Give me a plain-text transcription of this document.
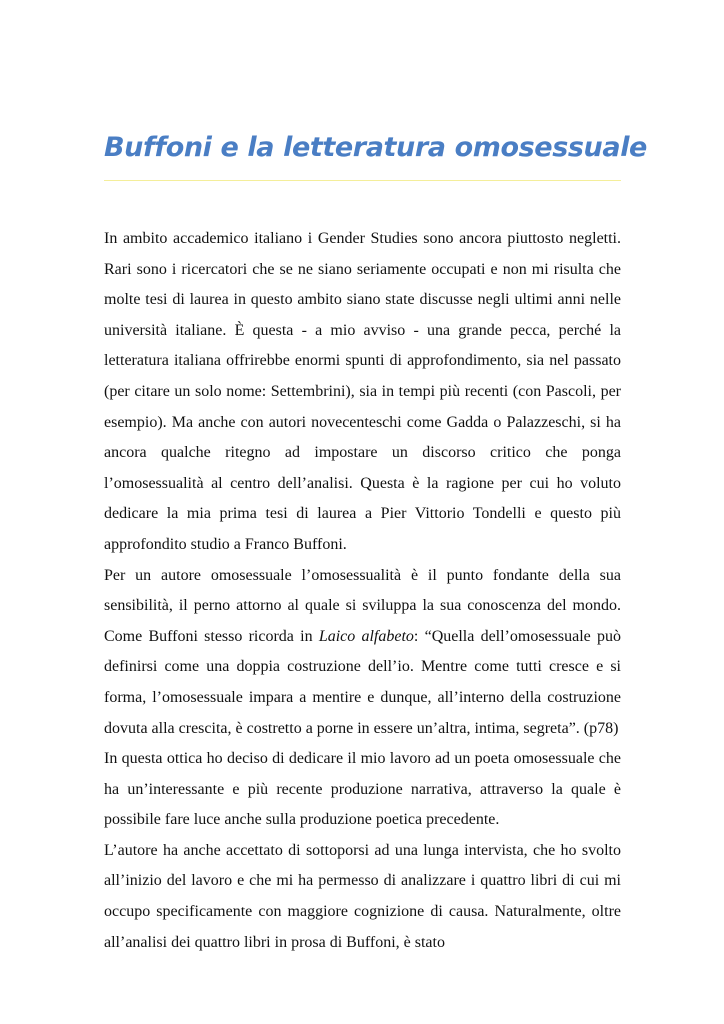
Buffoni e la letteratura omosessuale

In ambito accademico italiano i Gender Studies sono ancora piuttosto negletti. Rari sono i ricercatori che se ne siano seriamente occupati e non mi risulta che molte tesi di laurea in questo ambito siano state discusse negli ultimi anni nelle università italiane. È questa - a mio avviso - una grande pecca, perché la letteratura italiana offrirebbe enormi spunti di approfondimento, sia nel passato (per citare un solo nome: Settembrini), sia in tempi più recenti (con Pascoli, per esempio). Ma anche con autori novecenteschi come Gadda o Palazzeschi, si ha ancora qualche ritegno ad impostare un discorso critico che ponga l’omosessualità al centro dell’analisi. Questa è la ragione per cui ho voluto dedicare la mia prima tesi di laurea a Pier Vittorio Tondelli e questo più approfondito studio a Franco Buffoni.

Per un autore omosessuale l’omosessualità è il punto fondante della sua sensibilità, il perno attorno al quale si sviluppa la sua conoscenza del mondo. Come Buffoni stesso ricorda in Laico alfabeto: “Quella dell’omosessuale può definirsi come una doppia costruzione dell’io. Mentre come tutti cresce e si forma, l’omosessuale impara a mentire e dunque, all’interno della costruzione dovuta alla crescita, è costretto a porne in essere un’altra, intima, segreta”. (p78)

In questa ottica ho deciso di dedicare il mio lavoro ad un poeta omosessuale che ha un’interessante e più recente produzione narrativa, attraverso la quale è possibile fare luce anche sulla produzione poetica precedente.

L’autore ha anche accettato di sottoporsi ad una lunga intervista, che ho svolto all’inizio del lavoro e che mi ha permesso di analizzare i quattro libri di cui mi occupo specificamente con maggiore cognizione di causa. Naturalmente, oltre all’analisi dei quattro libri in prosa di Buffoni, è stato
